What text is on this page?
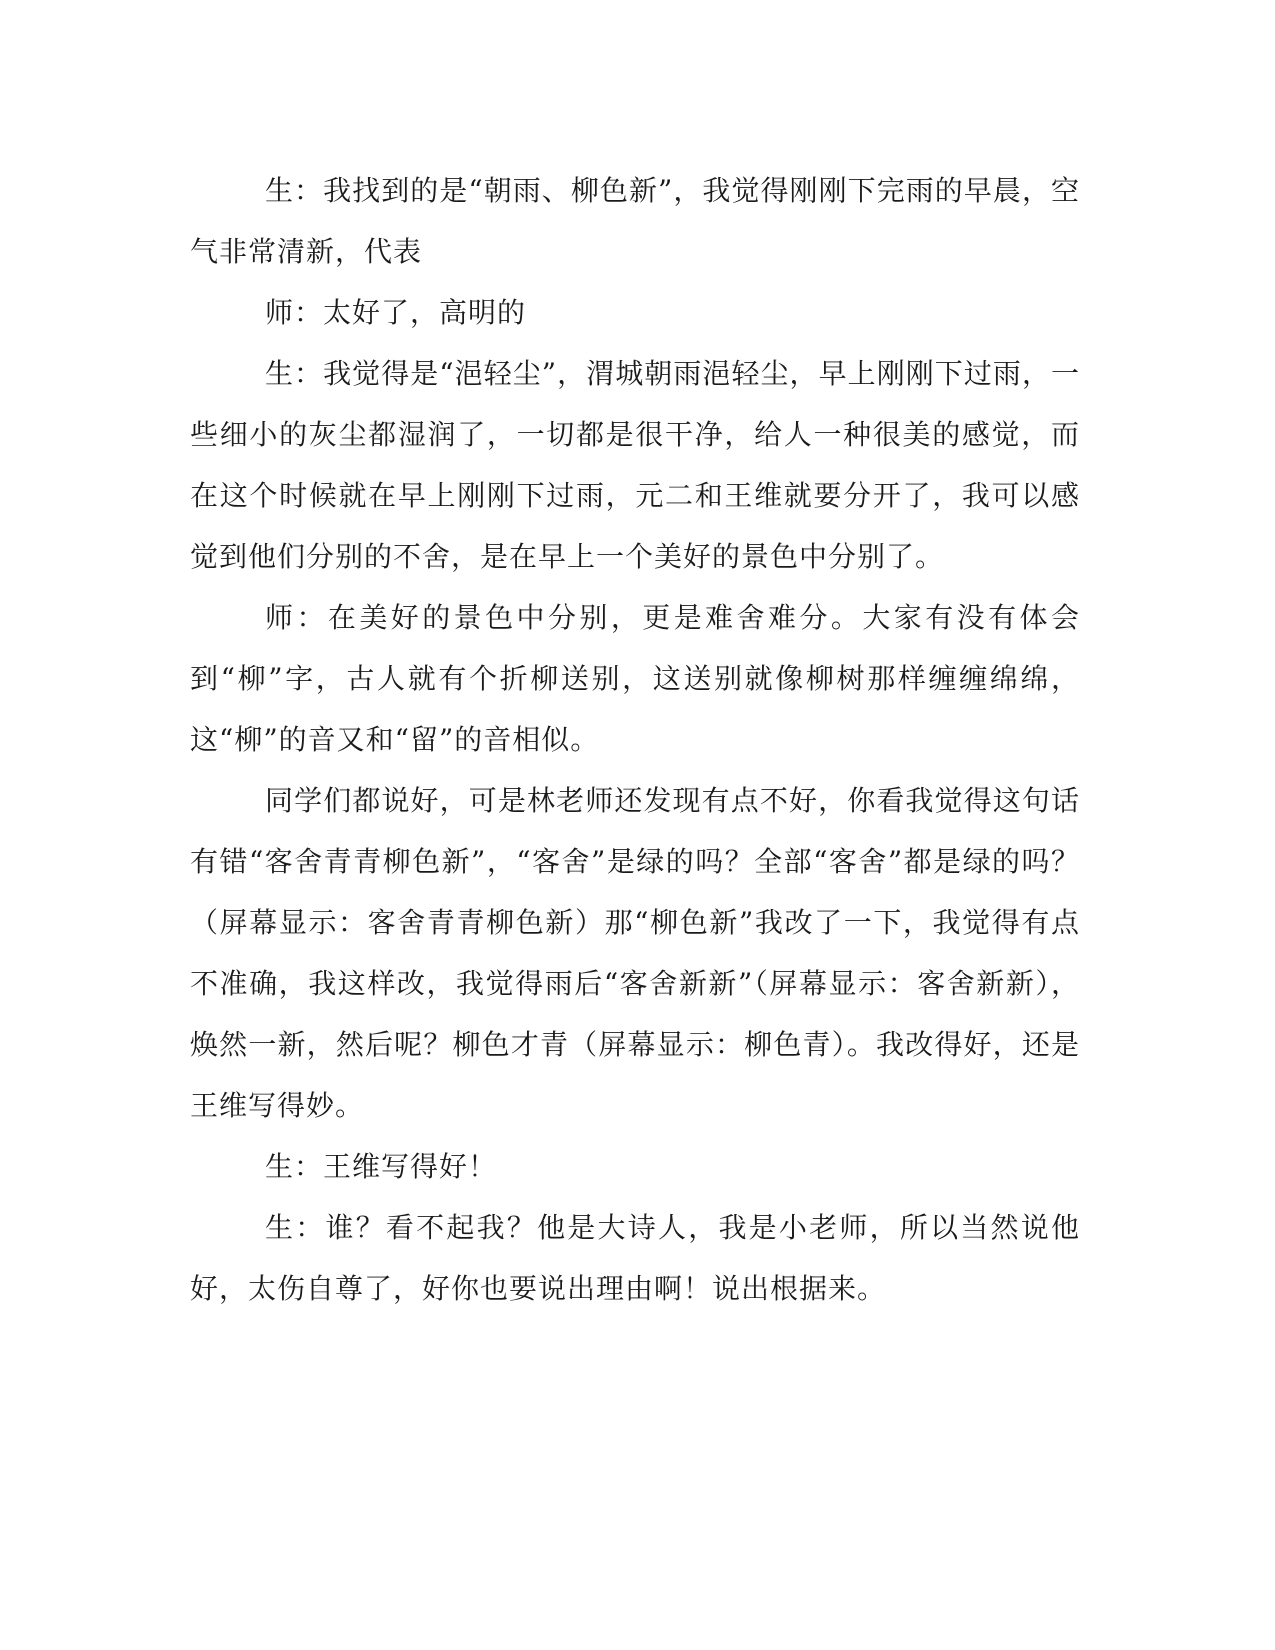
生：我找到的是“朝雨、柳色新”，我觉得刚刚下完雨的早晨，空气非常清新，代表

师：太好了，高明的

生：我觉得是“浥轻尘”，渭城朝雨浥轻尘，早上刚刚下过雨，一些细小的灰尘都湿润了，一切都是很干净，给人一种很美的感觉，而在这个时候就在早上刚刚下过雨，元二和王维就要分开了，我可以感觉到他们分别的不舍，是在早上一个美好的景色中分别了。

师：在美好的景色中分别，更是难舍难分。大家有没有体会到“柳”字，古人就有个折柳送别，这送别就像柳树那样缠缠绵绵，这“柳”的音又和“留”的音相似。

同学们都说好，可是林老师还发现有点不好，你看我觉得这句话有错“客舍青青柳色新”，“客舍”是绿的吗？全部“客舍”都是绿的吗？（屏幕显示：客舍青青柳色新）那“柳色新”我改了一下，我觉得有点不准确，我这样改，我觉得雨后“客舍新新”（屏幕显示：客舍新新），焕然一新，然后呢？柳色才青（屏幕显示：柳色青）。我改得好，还是王维写得妙。

生：王维写得好！

生：谁？看不起我？他是大诗人，我是小老师，所以当然说他好，太伤自尊了，好你也要说出理由啊！说出根据来。
